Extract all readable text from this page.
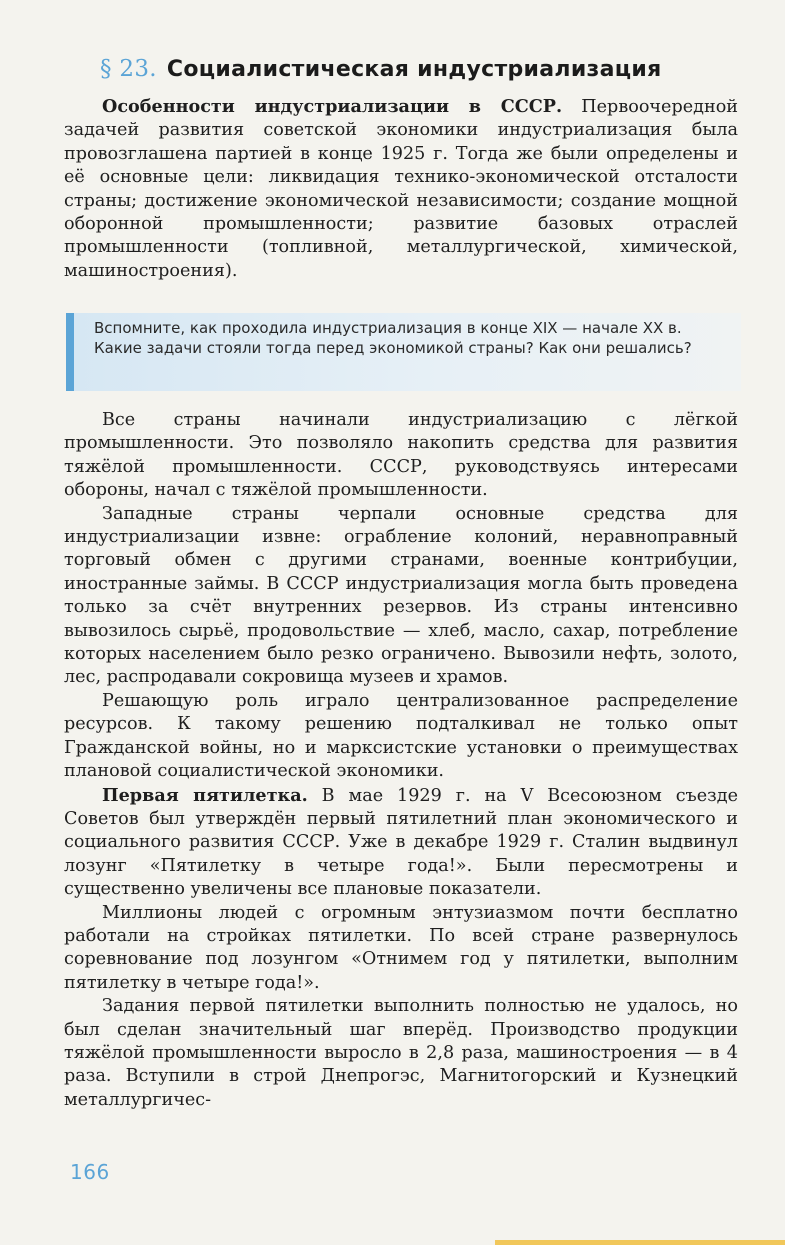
§ 23. Социалистическая индустриализация

Особенности индустриализации в СССР. Первоочередной задачей развития советской экономики индустриализация была провозглашена партией в конце 1925 г. Тогда же были определены и её основные цели: ликвидация технико-экономической отсталости страны; достижение экономической независимости; создание мощной оборонной промышленности; развитие базовых отраслей промышленности (топливной, металлургической, химической, машиностроения).

Вспомните, как проходила индустриализация в конце XIX — начале XX в. Какие задачи стояли тогда перед экономикой страны? Как они решались?

Все страны начинали индустриализацию с лёгкой промышленности. Это позволяло накопить средства для развития тяжёлой промышленности. СССР, руководствуясь интересами обороны, начал с тяжёлой промышленности.

Западные страны черпали основные средства для индустриализации извне: ограбление колоний, неравноправный торговый обмен с другими странами, военные контрибуции, иностранные займы. В СССР индустриализация могла быть проведена только за счёт внутренних резервов. Из страны интенсивно вывозилось сырьё, продовольствие — хлеб, масло, сахар, потребление которых населением было резко ограничено. Вывозили нефть, золото, лес, распродавали сокровища музеев и храмов.

Решающую роль играло централизованное распределение ресурсов. К такому решению подталкивал не только опыт Гражданской войны, но и марксистские установки о преимуществах плановой социалистической экономики.

Первая пятилетка. В мае 1929 г. на V Всесоюзном съезде Советов был утверждён первый пятилетний план экономического и социального развития СССР. Уже в декабре 1929 г. Сталин выдвинул лозунг «Пятилетку в четыре года!». Были пересмотрены и существенно увеличены все плановые показатели.

Миллионы людей с огромным энтузиазмом почти бесплатно работали на стройках пятилетки. По всей стране развернулось соревнование под лозунгом «Отнимем год у пятилетки, выполним пятилетку в четыре года!».

Задания первой пятилетки выполнить полностью не удалось, но был сделан значительный шаг вперёд. Производство продукции тяжёлой промышленности выросло в 2,8 раза, машиностроения — в 4 раза. Вступили в строй Днепрогэс, Магнитогорский и Кузнецкий металлургичес-

166
